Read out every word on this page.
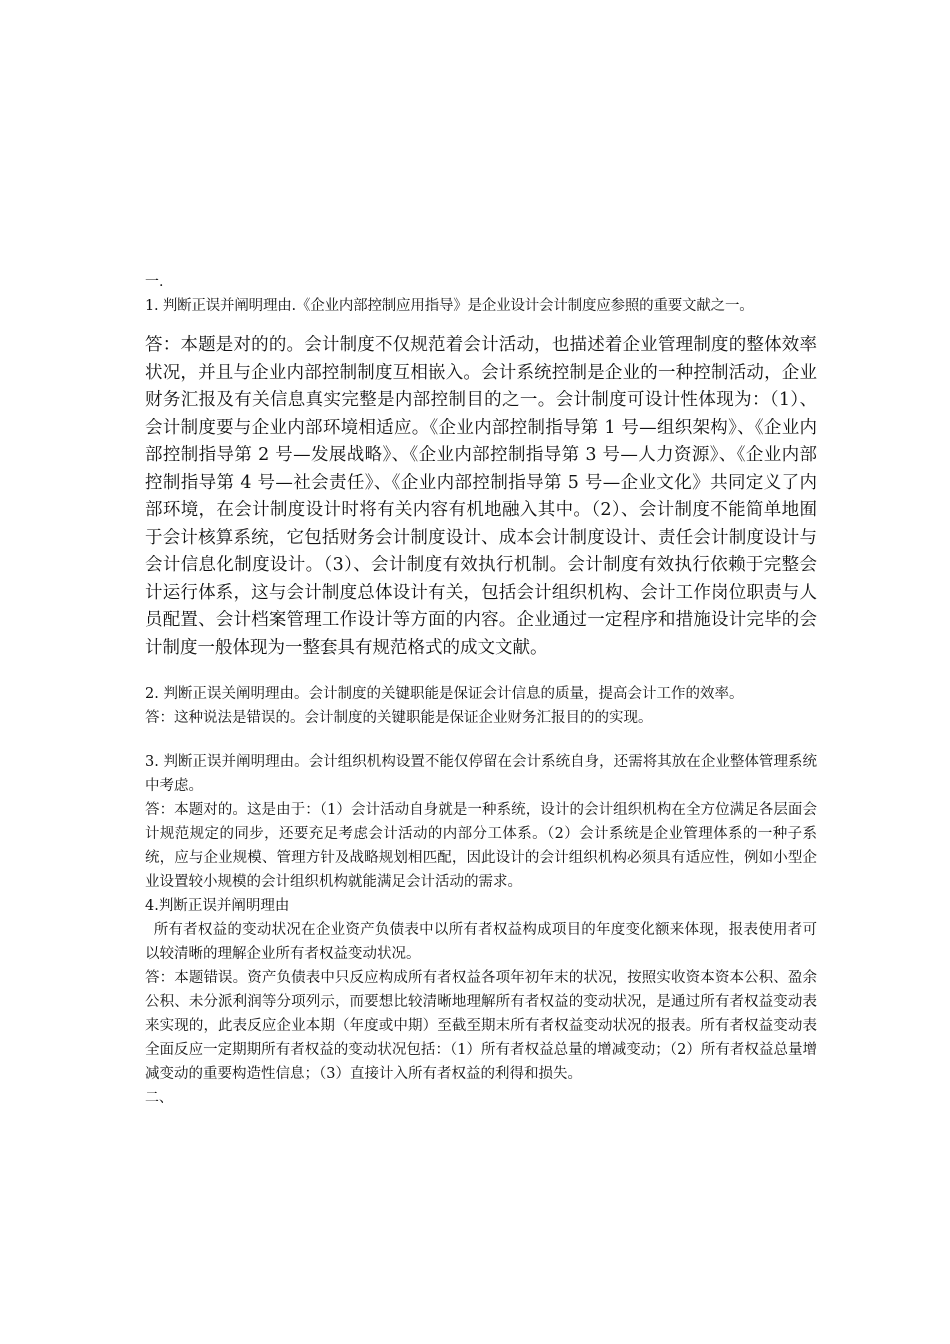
一.

1. 判断正误并阐明理由.《企业内部控制应用指导》是企业设计会计制度应参照的重要文献之一。

答：本题是对的的。会计制度不仅规范着会计活动，也描述着企业管理制度的整体效率状况，并且与企业内部控制制度互相嵌入。会计系统控制是企业的一种控制活动，企业财务汇报及有关信息真实完整是内部控制目的之一。会计制度可设计性体现为：（1）、会计制度要与企业内部环境相适应。《企业内部控制指导第 1 号—组织架构》、《企业内部控制指导第 2 号—发展战略》、《企业内部控制指导第 3 号—人力资源》、《企业内部控制指导第 4 号—社会责任》、《企业内部控制指导第 5 号—企业文化》共同定义了内部环境，在会计制度设计时将有关内容有机地融入其中。（2）、会计制度不能简单地囿于会计核算系统，它包括财务会计制度设计、成本会计制度设计、责任会计制度设计与会计信息化制度设计。（3）、会计制度有效执行机制。会计制度有效执行依赖于完整会计运行体系，这与会计制度总体设计有关，包括会计组织机构、会计工作岗位职责与人员配置、会计档案管理工作设计等方面的内容。企业通过一定程序和措施设计完毕的会计制度一般体现为一整套具有规范格式的成文文献。

2. 判断正误关阐明理由。会计制度的关键职能是保证会计信息的质量，提高会计工作的效率。

答：这种说法是错误的。会计制度的关键职能是保证企业财务汇报目的的实现。

3. 判断正误并阐明理由。会计组织机构设置不能仅停留在会计系统自身，还需将其放在企业整体管理系统中考虑。

答：本题对的。这是由于：（1）会计活动自身就是一种系统，设计的会计组织机构在全方位满足各层面会计规范规定的同步，还要充足考虑会计活动的内部分工体系。（2）会计系统是企业管理体系的一种子系统，应与企业规模、管理方针及战略规划相匹配，因此设计的会计组织机构必须具有适应性，例如小型企业设置较小规模的会计组织机构就能满足会计活动的需求。

4.判断正误并阐明理由

所有者权益的变动状况在企业资产负债表中以所有者权益构成项目的年度变化额来体现，报表使用者可以较清晰的理解企业所有者权益变动状况。

答：本题错误。资产负债表中只反应构成所有者权益各项年初年末的状况，按照实收资本资本公积、盈余公积、未分派利润等分项列示，而要想比较清晰地理解所有者权益的变动状况，是通过所有者权益变动表来实现的，此表反应企业本期（年度或中期）至截至期末所有者权益变动状况的报表。所有者权益变动表全面反应一定期期所有者权益的变动状况包括：（1）所有者权益总量的增减变动；（2）所有者权益总量增减变动的重要构造性信息；（3）直接计入所有者权益的利得和损失。

二、
